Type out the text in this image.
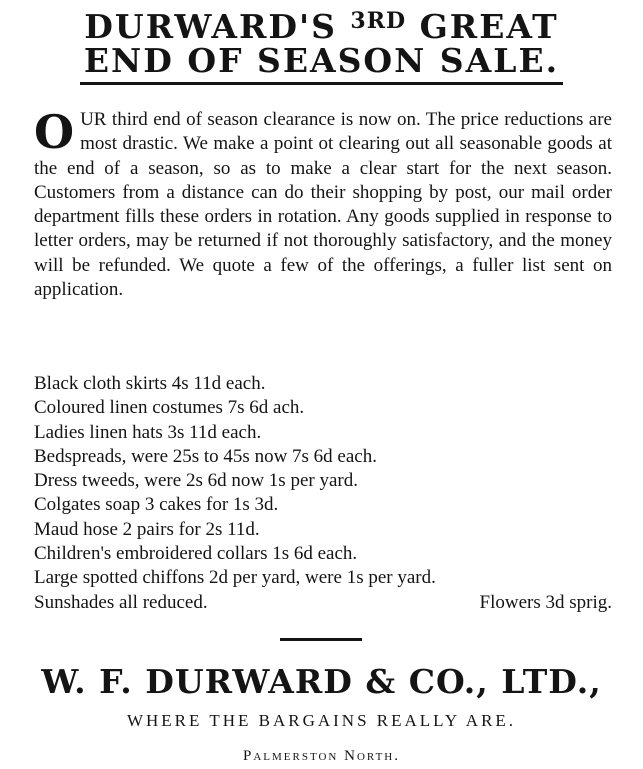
DURWARD'S $^{3RD}$ GREAT
END OF SEASON SALE.
OUR third end of season clearance is now on. The price reductions are most drastic. We make a point ot clearing out all seasonable goods at the end of a season, so as to make a clear start for the next season. Customers from a distance can do their shopping by post, our mail order department fills these orders in rotation. Any goods supplied in response to letter orders, may be returned if not thoroughly satisfactory, and the money will be refunded. We quote a few of the offerings, a fuller list sent on application.
Black cloth skirts 4s 11d each.
Coloured linen costumes 7s 6d ach.
Ladies linen hats 3s 11d each.
Bedspreads, were 25s to 45s now 7s 6d each.
Dress tweeds, were 2s 6d now 1s per yard.
Colgates soap 3 cakes for 1s 3d.
Maud hose 2 pairs for 2s 11d.
Children's embroidered collars 1s 6d each.
Large spotted chiffons 2d per yard, were 1s per yard.
Sunshades all reduced.	Flowers 3d sprig.
W. F. DURWARD & CO., LTD.,
WHERE THE BARGAINS REALLY ARE.
Palmerston North.
